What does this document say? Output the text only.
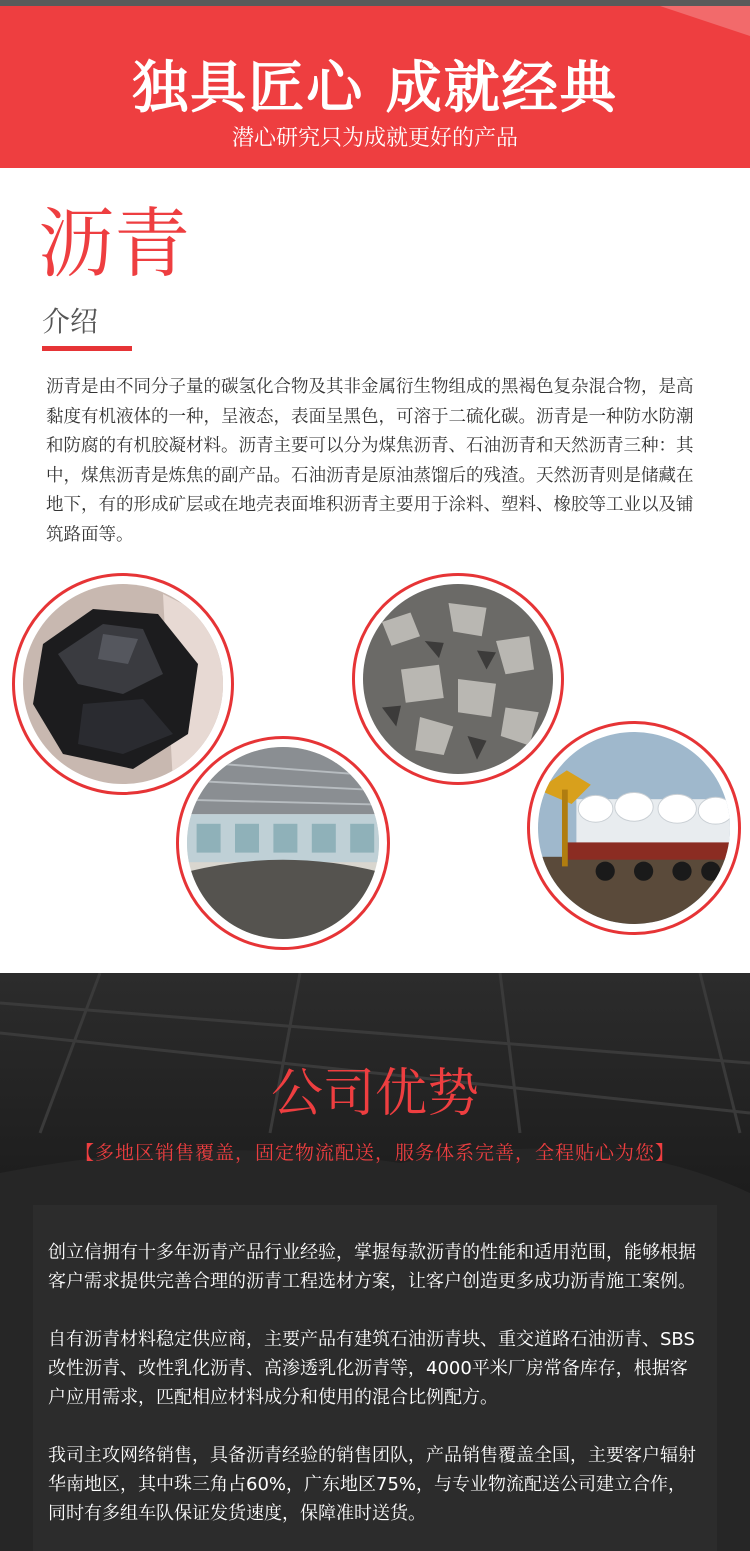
独具匠心 成就经典
潜心研究只为成就更好的产品
沥青
介绍
沥青是由不同分子量的碳氢化合物及其非金属衍生物组成的黑褐色复杂混合物，是高黏度有机液体的一种，呈液态，表面呈黑色，可溶于二硫化碳。沥青是一种防水防潮和防腐的有机胶凝材料。沥青主要可以分为煤焦沥青、石油沥青和天然沥青三种：其中，煤焦沥青是炼焦的副产品。石油沥青是原油蒸馏后的残渣。天然沥青则是储藏在地下，有的形成矿层或在地壳表面堆积沥青主要用于涂料、塑料、橡胶等工业以及铺筑路面等。
公司优势
【多地区销售覆盖，固定物流配送，服务体系完善，全程贴心为您】

创立信拥有十多年沥青产品行业经验，掌握每款沥青的性能和适用范围，能够根据客户需求提供完善合理的沥青工程选材方案，让客户创造更多成功沥青施工案例。

自有沥青材料稳定供应商，主要产品有建筑石油沥青块、重交道路石油沥青、SBS改性沥青、改性乳化沥青、高渗透乳化沥青等，4000平米厂房常备库存，根据客户应用需求，匹配相应材料成分和使用的混合比例配方。

我司主攻网络销售，具备沥青经验的销售团队，产品销售覆盖全国，主要客户辐射华南地区，其中珠三角占60%，广东地区75%，与专业物流配送公司建立合作，同时有多组车队保证发货速度，保障准时送货。
